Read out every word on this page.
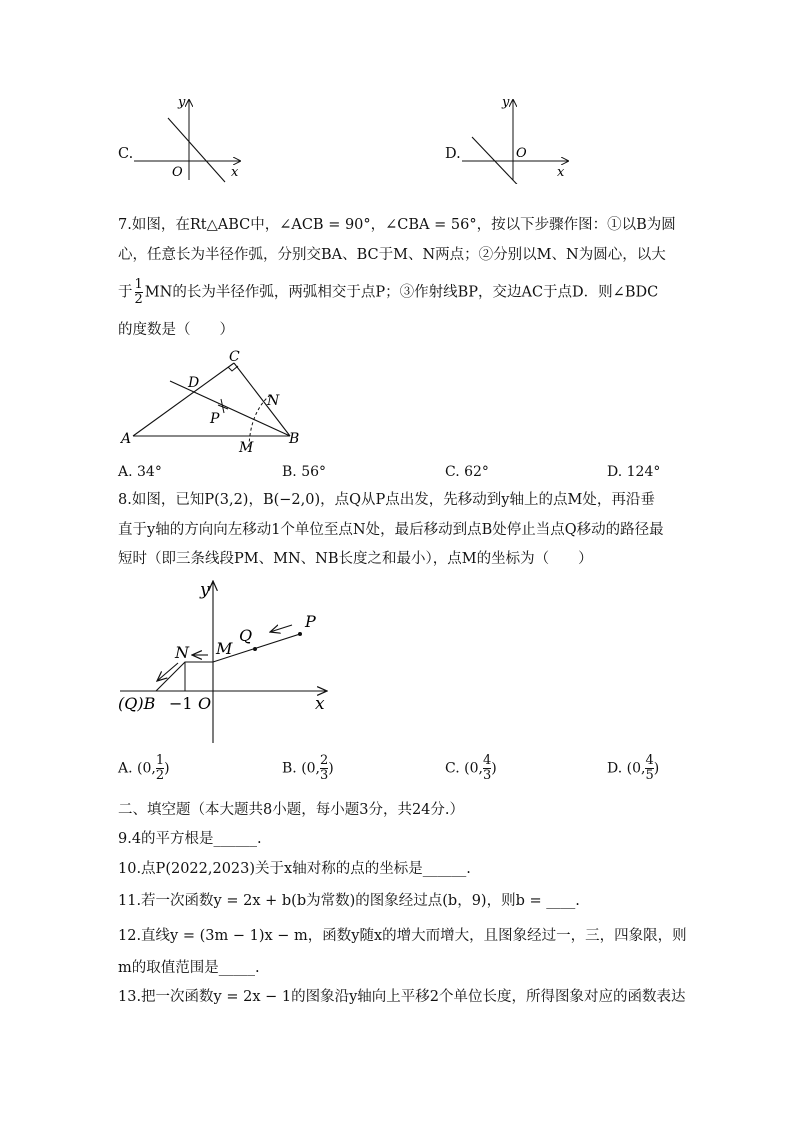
C.
y
x
O
D.
y
x
O
7.如图，在Rt△ABC中，∠ACB = 90°，∠CBA = 56°，按以下步骤作图：①以B为圆
心，任意长为半径作弧，分别交BA、BC于M、N两点；②分别以M、N为圆心，以大
于 $\frac{1}{2}$ MN的长为半径作弧，两弧相交于点P；③作射线BP，交边AC于点D．则∠BDC
的度数是（　　）
C
D
N
P
A	B
M
A. 34°	B. 56°	C. 62°	D. 124°
8.如图，已知P(3,2)，B(−2,0)，点Q从P点出发，先移动到y轴上的点M处，再沿垂
直于y轴的方向向左移动1个单位至点N处，最后移动到点B处停止当点Q移动的路径最
短时（即三条线段PM、MN、NB长度之和最小），点M的坐标为（　　）
y
x
P
Q
M
N
(Q)B −1 O
A. (0, $\frac{1}{2}$ )	B. (0, $\frac{2}{3}$ )	C. (0, $\frac{4}{3}$ )	D. (0, $\frac{4}{5}$ )
二、填空题（本大题共8小题，每小题3分，共24分.）
9.4的平方根是______.
10.点P(2022,2023)关于x轴对称的点的坐标是______.
11.若一次函数y = 2x + b(b为常数)的图象经过点(b，9)，则b = ____.
12.直线y = (3m − 1)x − m，函数y随x的增大而增大，且图象经过一，三，四象限，则
m的取值范围是_____.
13.把一次函数y = 2x − 1的图象沿y轴向上平移2个单位长度，所得图象对应的函数表达
